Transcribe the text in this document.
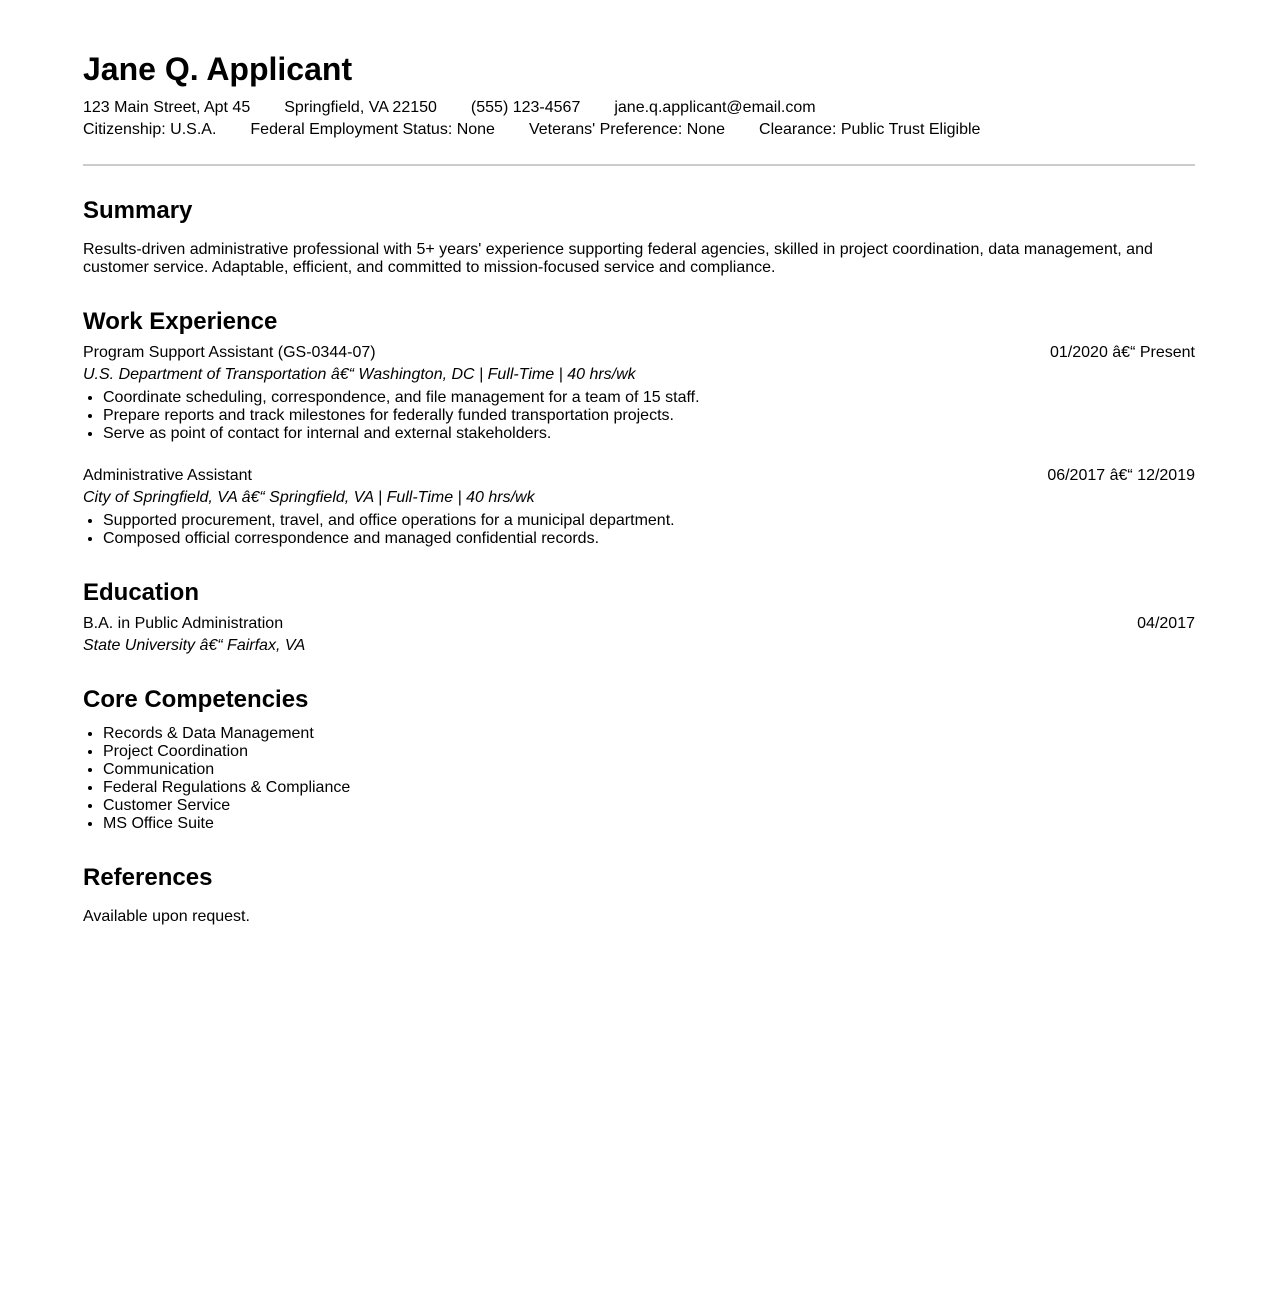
Jane Q. Applicant
123 Main Street, Apt 45 Springfield, VA 22150 (555) 123-4567 jane.q.applicant@email.com
Citizenship: U.S.A. Federal Employment Status: None Veterans' Preference: None Clearance: Public Trust Eligible
Summary

Results-driven administrative professional with 5+ years' experience supporting federal agencies, skilled in project coordination, data management, and customer service. Adaptable, efficient, and committed to mission-focused service and compliance.

Work Experience
Program Support Assistant (GS-0344-07)	01/2020 â€“ Present
U.S. Department of Transportation â€“ Washington, DC | Full-Time | 40 hrs/wk
• Coordinate scheduling, correspondence, and file management for a team of 15 staff.
• Prepare reports and track milestones for federally funded transportation projects.
• Serve as point of contact for internal and external stakeholders.
Administrative Assistant	06/2017 â€“ 12/2019
City of Springfield, VA â€“ Springfield, VA | Full-Time | 40 hrs/wk
• Supported procurement, travel, and office operations for a municipal department.
• Composed official correspondence and managed confidential records.
Education
B.A. in Public Administration	04/2017
State University â€“ Fairfax, VA
Core Competencies
• Records & Data Management
• Project Coordination
• Communication
• Federal Regulations & Compliance
• Customer Service
• MS Office Suite
References

Available upon request.
